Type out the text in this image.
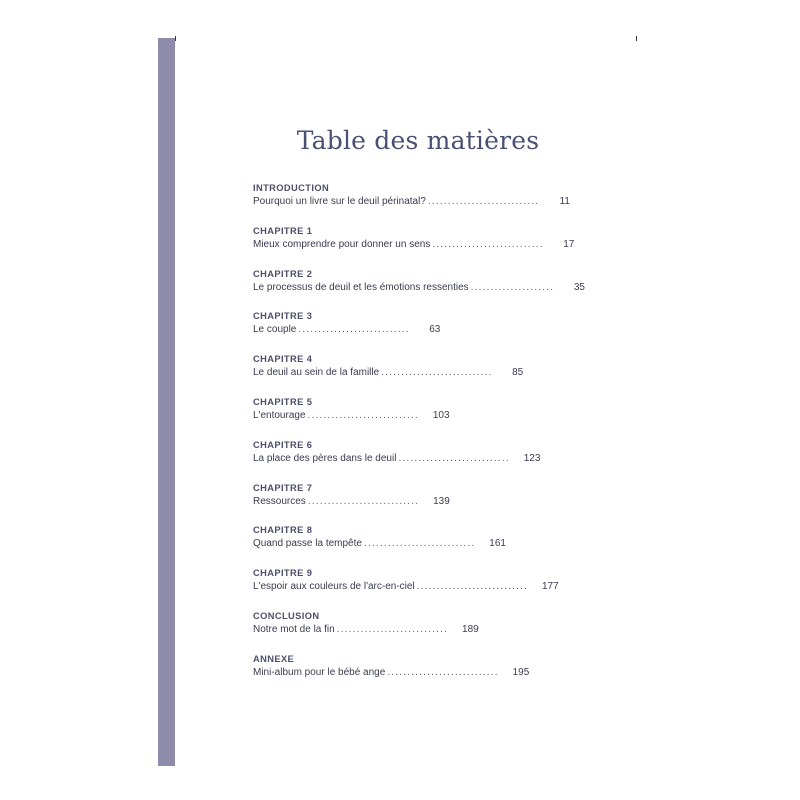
Table des matières
INTRODUCTION
Pourquoi un livre sur le deuil périnatal? .....	11
CHAPITRE 1
Mieux comprendre pour donner un sens .....	17
CHAPITRE 2
Le processus de deuil et les émotions ressenties .....	35
CHAPITRE 3
Le couple .....	63
CHAPITRE 4
Le deuil au sein de la famille .....	85
CHAPITRE 5
L'entourage .....	103
CHAPITRE 6
La place des pères dans le deuil .....	123
CHAPITRE 7
Ressources .....	139
CHAPITRE 8
Quand passe la tempête .....	161
CHAPITRE 9
L'espoir aux couleurs de l'arc-en-ciel .....	177
CONCLUSION
Notre mot de la fin .....	189
ANNEXE
Mini-album pour le bébé ange .....	195
